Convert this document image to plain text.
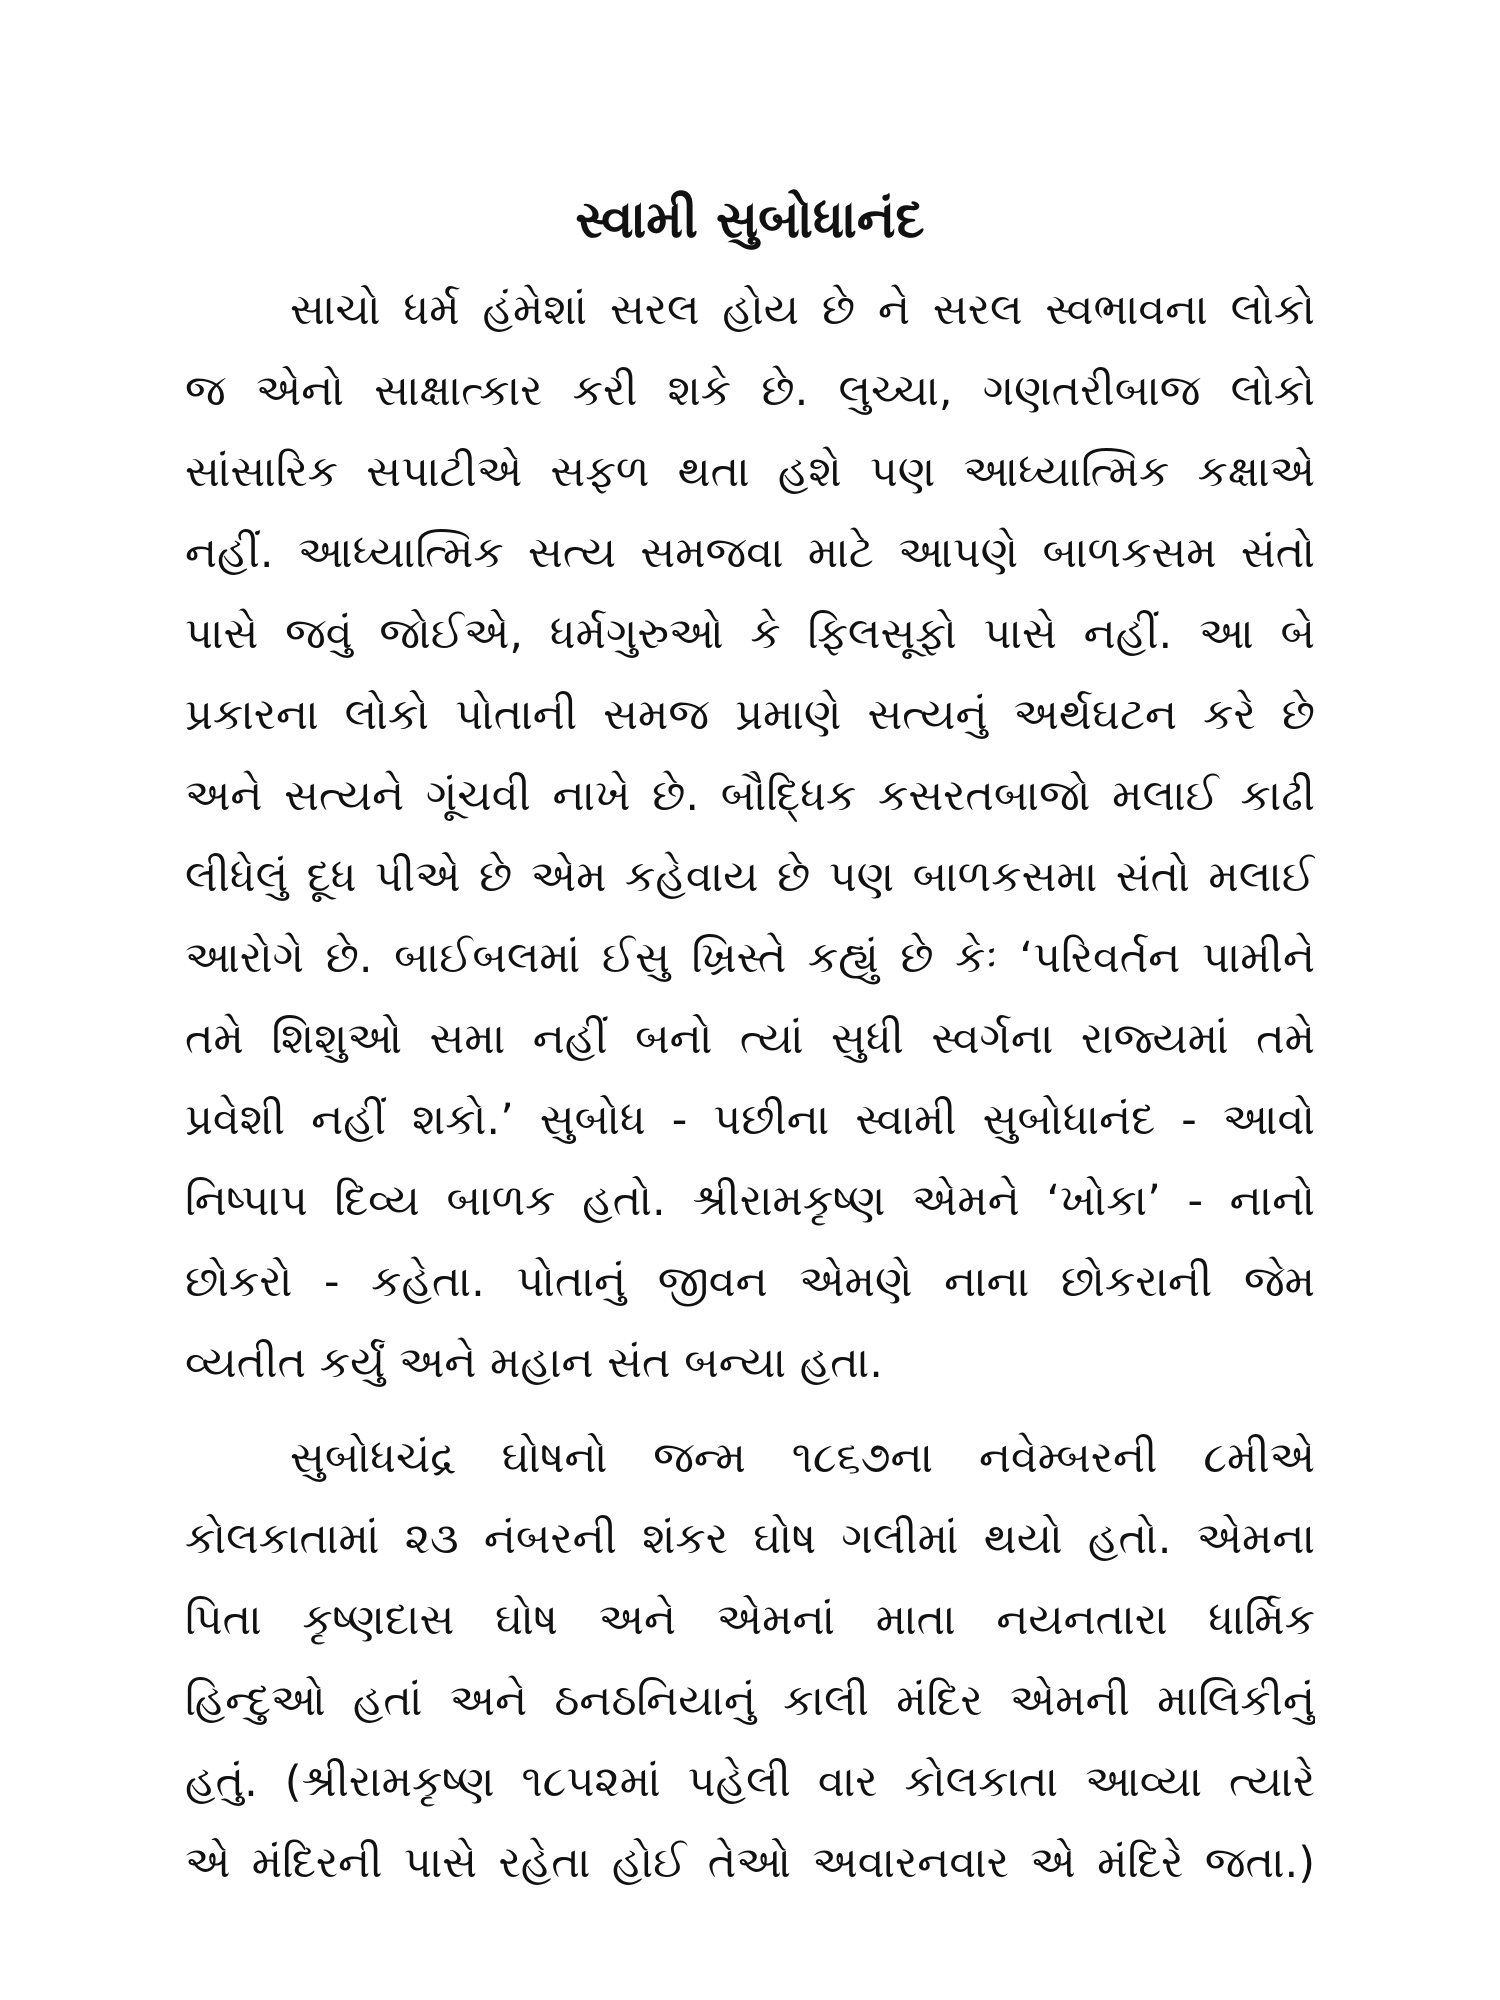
સ્વામી સુબોધાનંદ
સાચો ધર્મ હંમેશાં સરલ હોય છે ને સરલ સ્વભાવના લોકો
જ એનો સાક્ષાત્કાર કરી શકે છે. લુચ્ચા, ગણતરીબાજ લોકો
સાંસારિક સપાટીએ સફળ થતા હશે પણ આધ્યાત્મિક કક્ષાએ
નહીં. આધ્યાત્મિક સત્ય સમજવા માટે આપણે બાળકસમ સંતો
પાસે જવું જોઈએ, ધર્મગુરુઓ કે ફિલસૂફો પાસે નહીં. આ બે
પ્રકારના લોકો પોતાની સમજ પ્રમાણે સત્યનું અર્થઘટન કરે છે
અને સત્યને ગૂંચવી નાખે છે. બૌદ્ધિક કસરતબાજો મલાઈ કાઢી
લીધેલું દૂધ પીએ છે એમ કહેવાય છે પણ બાળકસમા સંતો મલાઈ
આરોગે છે. બાઈબલમાં ઈસુ ખ્રિસ્તે કહ્યું છે કેઃ ‘પરિવર્તન પામીને
તમે શિશુઓ સમા નહીં બનો ત્યાં સુધી સ્વર્ગના રાજ્યમાં તમે
પ્રવેશી નહીં શકો.’ સુબોધ - પછીના સ્વામી સુબોધાનંદ - આવો
નિષ્પાપ દિવ્ય બાળક હતો. શ્રીરામકૃષ્ણ એમને ‘ખોકા’ - નાનો
છોકરો - કહેતા. પોતાનું જીવન એમણે નાના છોકરાની જેમ
વ્યતીત કર્યું અને મહાન સંત બન્યા હતા.
સુબોધચંદ્ર ઘોષનો જન્મ ૧૮૬૭ના નવેમ્બરની ૮મીએ
કોલકાતામાં ૨૩ નંબરની શંકર ઘોષ ગલીમાં થયો હતો. એમના
પિતા કૃષ્ણદાસ ઘોષ અને એમનાં માતા નયનતારા ધાર્મિક
હિન્દુઓ હતાં અને ઠનઠનિયાનું કાલી મંદિર એમની માલિકીનું
હતું. (શ્રીરામકૃષ્ણ ૧૮૫૨માં પહેલી વાર કોલકાતા આવ્યા ત્યારે
એ મંદિરની પાસે રહેતા હોઈ તેઓ અવારનવાર એ મંદિરે જતા.)
